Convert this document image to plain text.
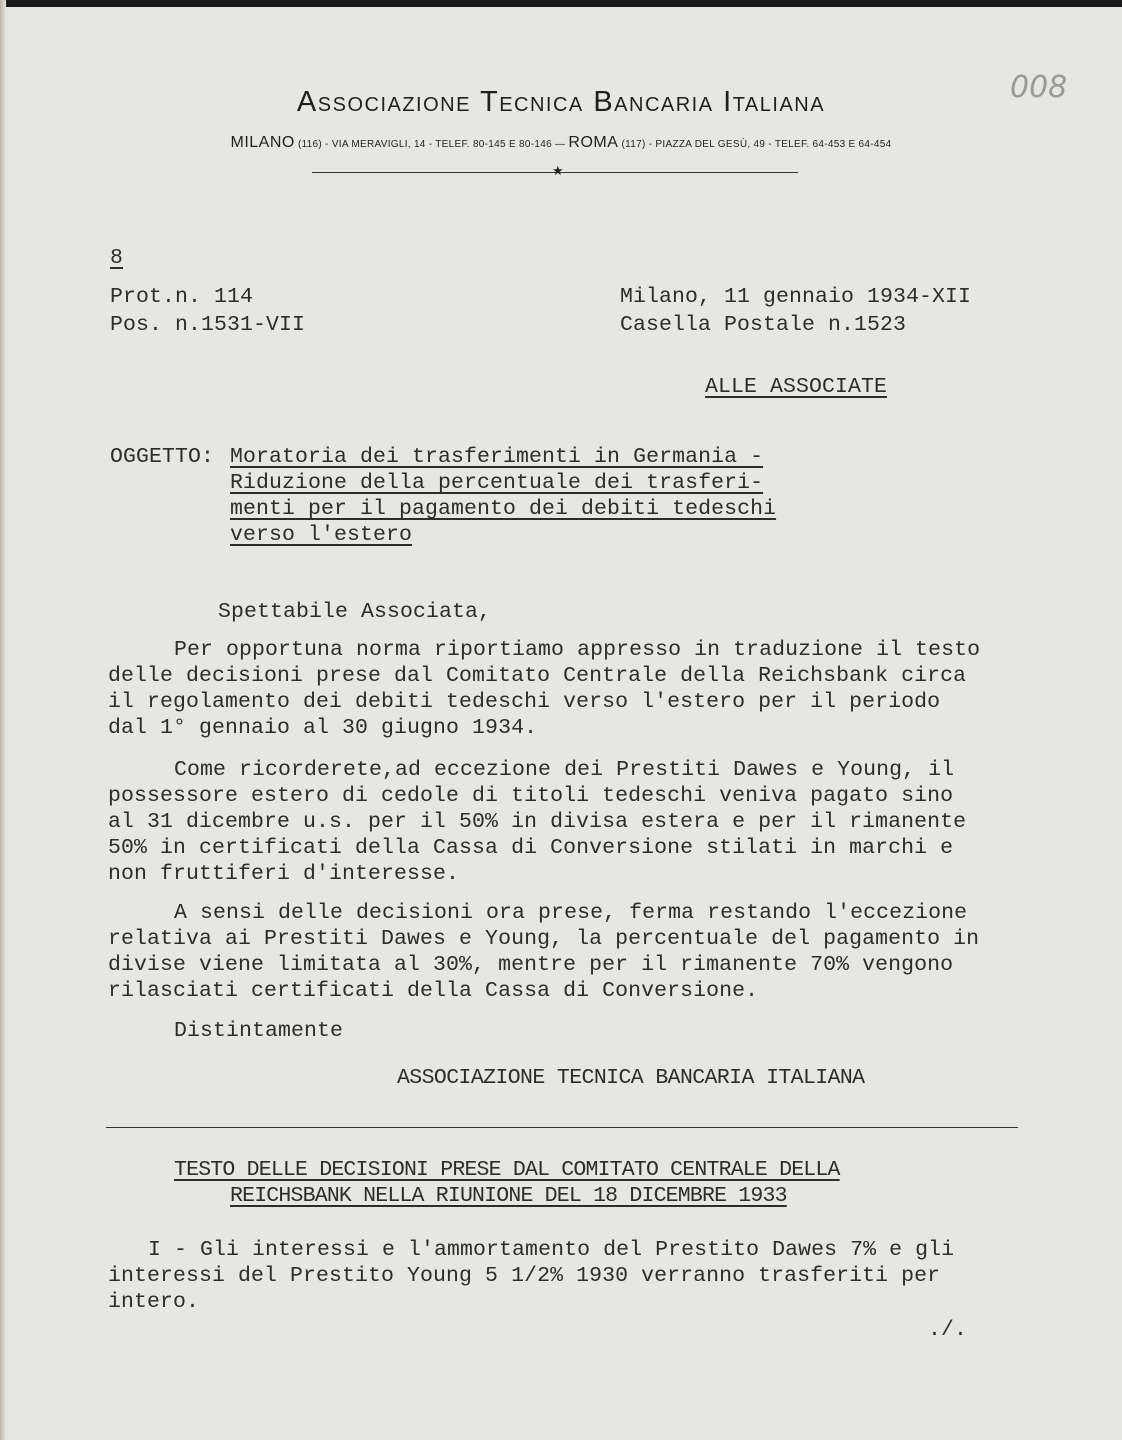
Associazione Tecnica Bancaria Italiana
MILANO (116) - VIA MERAVIGLI, 14 - TELEF. 80-145 E 80-146 — ROMA (117) - PIAZZA DEL GESÙ, 49 - TELEF. 64-453 E 64-454
★
008
8
Prot.n. 114
Pos. n.1531-VII
Milano, 11 gennaio 1934-XII
Casella Postale n.1523
ALLE ASSOCIATE
OGGETTO: Moratoria dei trasferimenti in Germania -
Riduzione della percentuale dei trasferi-
menti per il pagamento dei debiti tedeschi
verso l'estero
Spettabile Associata,
Per opportuna norma riportiamo appresso in traduzione il testo
delle decisioni prese dal Comitato Centrale della Reichsbank circa
il regolamento dei debiti tedeschi verso l'estero per il periodo
dal 1° gennaio al 30 giugno 1934.
Come ricorderete,ad eccezione dei Prestiti Dawes e Young, il
possessore estero di cedole di titoli tedeschi veniva pagato sino
al 31 dicembre u.s. per il 50% in divisa estera e per il rimanente
50% in certificati della Cassa di Conversione stilati in marchi e
non fruttiferi d'interesse.
A sensi delle decisioni ora prese, ferma restando l'eccezione
relativa ai Prestiti Dawes e Young, la percentuale del pagamento in
divise viene limitata al 30%, mentre per il rimanente 70% vengono
rilasciati certificati della Cassa di Conversione.
Distintamente
ASSOCIAZIONE TECNICA BANCARIA ITALIANA
TESTO DELLE DECISIONI PRESE DAL COMITATO CENTRALE DELLA
REICHSBANK NELLA RIUNIONE DEL 18 DICEMBRE 1933
I - Gli interessi e l'ammortamento del Prestito Dawes 7% e gli
interessi del Prestito Young 5 1/2% 1930 verranno trasferiti per
intero.
./.
